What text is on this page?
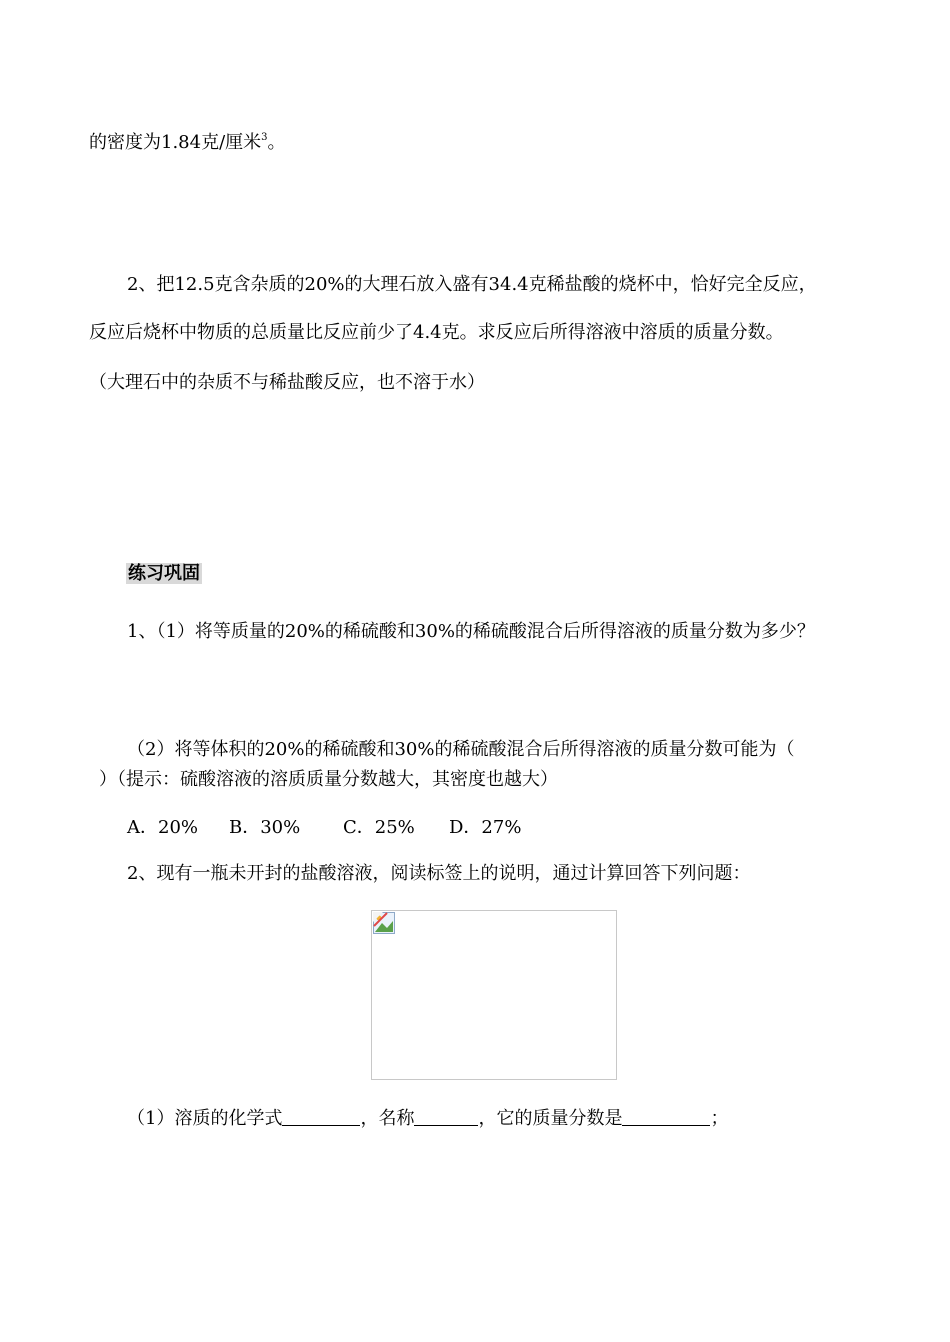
的密度为1.84克/厘米$^3$。
2、把12.5克含杂质的20%的大理石放入盛有34.4克稀盐酸的烧杯中，恰好完全反应，
反应后烧杯中物质的总质量比反应前少了4.4克。求反应后所得溶液中溶质的质量分数。
（大理石中的杂质不与稀盐酸反应，也不溶于水）
练习巩固
1、（1）将等质量的20%的稀硫酸和30%的稀硫酸混合后所得溶液的质量分数为多少？
（2）将等体积的20%的稀硫酸和30%的稀硫酸混合后所得溶液的质量分数可能为（
）（提示：硫酸溶液的溶质质量分数越大，其密度也越大）
A．20% B．30% C．25% D．27%
2、现有一瓶未开封的盐酸溶液，阅读标签上的说明，通过计算回答下列问题：
（1）溶质的化学式	，名称	，它的质量分数是	；
